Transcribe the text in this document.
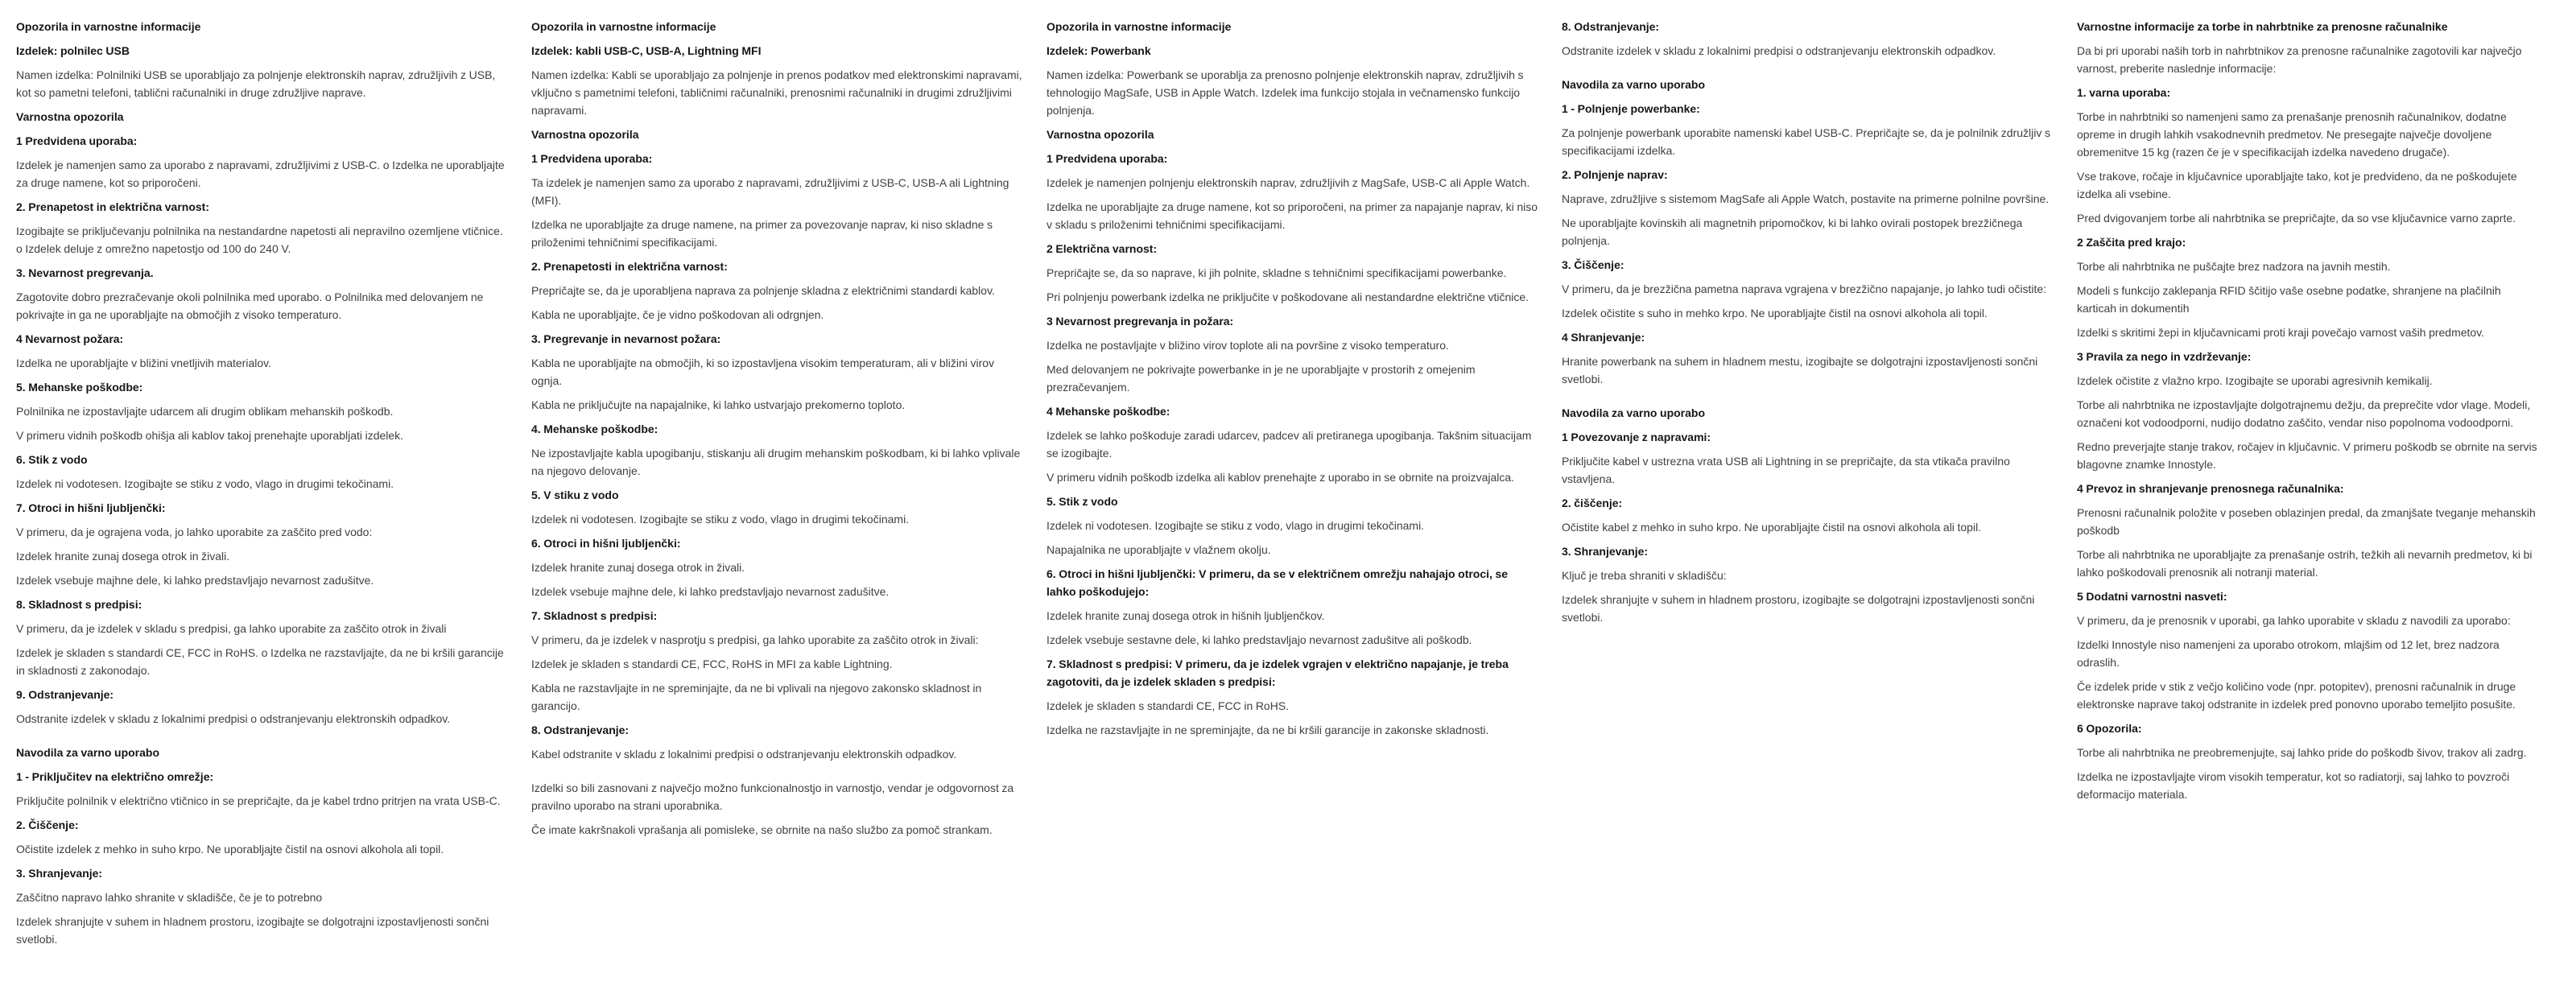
Opozorila in varnostne informacije

Izdelek: polnilec USB

Namen izdelka: Polnilniki USB se uporabljajo za polnjenje elektronskih naprav, združljivih z USB, kot so pametni telefoni, tablični računalniki in druge združljive naprave.

Varnostna opozorila

1 Predvidena uporaba:

Izdelek je namenjen samo za uporabo z napravami, združljivimi z USB-C. o Izdelka ne uporabljajte za druge namene, kot so priporočeni.

2. Prenapetost in električna varnost:

Izogibajte se priključevanju polnilnika na nestandardne napetosti ali nepravilno ozemljene vtičnice. o Izdelek deluje z omrežno napetostjo od 100 do 240 V.

3. Nevarnost pregrevanja.

Zagotovite dobro prezračevanje okoli polnilnika med uporabo. o Polnilnika med delovanjem ne pokrivajte in ga ne uporabljajte na območjih z visoko temperaturo.

4 Nevarnost požara:

Izdelka ne uporabljajte v bližini vnetljivih materialov.

5. Mehanske poškodbe:

Polnilnika ne izpostavljajte udarcem ali drugim oblikam mehanskih poškodb.

V primeru vidnih poškodb ohišja ali kablov takoj prenehajte uporabljati izdelek.

6. Stik z vodo

Izdelek ni vodotesen. Izogibajte se stiku z vodo, vlago in drugimi tekočinami.

7. Otroci in hišni ljubljenčki:

V primeru, da je ograjena voda, jo lahko uporabite za zaščito pred vodo:

Izdelek hranite zunaj dosega otrok in živali.

Izdelek vsebuje majhne dele, ki lahko predstavljajo nevarnost zadušitve.

8. Skladnost s predpisi:

V primeru, da je izdelek v skladu s predpisi, ga lahko uporabite za zaščito otrok in živali

Izdelek je skladen s standardi CE, FCC in RoHS. o Izdelka ne razstavljajte, da ne bi kršili garancije in skladnosti z zakonodajo.

9. Odstranjevanje:

Odstranite izdelek v skladu z lokalnimi predpisi o odstranjevanju elektronskih odpadkov.

Navodila za varno uporabo

1 - Priključitev na električno omrežje:

Priključite polnilnik v električno vtičnico in se prepričajte, da je kabel trdno pritrjen na vrata USB-C.

2. Čiščenje:

Očistite izdelek z mehko in suho krpo. Ne uporabljajte čistil na osnovi alkohola ali topil.

3. Shranjevanje:

Zaščitno napravo lahko shranite v skladišče, če je to potrebno

Izdelek shranjujte v suhem in hladnem prostoru, izogibajte se dolgotrajni izpostavljenosti sončni svetlobi.

Opozorila in varnostne informacije

Izdelek: kabli USB-C, USB-A, Lightning MFI

Namen izdelka: Kabli se uporabljajo za polnjenje in prenos podatkov med elektronskimi napravami, vključno s pametnimi telefoni, tabličnimi računalniki, prenosnimi računalniki in drugimi združljivimi napravami.

Varnostna opozorila

1 Predvidena uporaba:

Ta izdelek je namenjen samo za uporabo z napravami, združljivimi z USB-C, USB-A ali Lightning (MFI).

Izdelka ne uporabljajte za druge namene, na primer za povezovanje naprav, ki niso skladne s priloženimi tehničnimi specifikacijami.

2. Prenapetosti in električna varnost:

Prepričajte se, da je uporabljena naprava za polnjenje skladna z električnimi standardi kablov.

Kabla ne uporabljajte, če je vidno poškodovan ali odrgnjen.

3. Pregrevanje in nevarnost požara:

Kabla ne uporabljajte na območjih, ki so izpostavljena visokim temperaturam, ali v bližini virov ognja.

Kabla ne priključujte na napajalnike, ki lahko ustvarjajo prekomerno toploto.

4. Mehanske poškodbe:

Ne izpostavljajte kabla upogibanju, stiskanju ali drugim mehanskim poškodbam, ki bi lahko vplivale na njegovo delovanje.

5. V stiku z vodo

Izdelek ni vodotesen. Izogibajte se stiku z vodo, vlago in drugimi tekočinami.

6. Otroci in hišni ljubljenčki:

Izdelek hranite zunaj dosega otrok in živali.

Izdelek vsebuje majhne dele, ki lahko predstavljajo nevarnost zadušitve.

7. Skladnost s predpisi:

V primeru, da je izdelek v nasprotju s predpisi, ga lahko uporabite za zaščito otrok in živali:

Izdelek je skladen s standardi CE, FCC, RoHS in MFI za kable Lightning.

Kabla ne razstavljajte in ne spreminjajte, da ne bi vplivali na njegovo zakonsko skladnost in garancijo.

8. Odstranjevanje:

Kabel odstranite v skladu z lokalnimi predpisi o odstranjevanju elektronskih odpadkov.

Izdelki so bili zasnovani z največjo možno funkcionalnostjo in varnostjo, vendar je odgovornost za pravilno uporabo na strani uporabnika.

Če imate kakršnakoli vprašanja ali pomisleke, se obrnite na našo službo za pomoč strankam.

Opozorila in varnostne informacije

Izdelek: Powerbank

Namen izdelka: Powerbank se uporablja za prenosno polnjenje elektronskih naprav, združljivih s tehnologijo MagSafe, USB in Apple Watch. Izdelek ima funkcijo stojala in večnamensko funkcijo polnjenja.

Varnostna opozorila

1 Predvidena uporaba:

Izdelek je namenjen polnjenju elektronskih naprav, združljivih z MagSafe, USB-C ali Apple Watch.

Izdelka ne uporabljajte za druge namene, kot so priporočeni, na primer za napajanje naprav, ki niso v skladu s priloženimi tehničnimi specifikacijami.

2 Električna varnost:

Prepričajte se, da so naprave, ki jih polnite, skladne s tehničnimi specifikacijami powerbanke.

Pri polnjenju powerbank izdelka ne priključite v poškodovane ali nestandardne električne vtičnice.

3 Nevarnost pregrevanja in požara:

Izdelka ne postavljajte v bližino virov toplote ali na površine z visoko temperaturo.

Med delovanjem ne pokrivajte powerbanke in je ne uporabljajte v prostorih z omejenim prezračevanjem.

4 Mehanske poškodbe:

Izdelek se lahko poškoduje zaradi udarcev, padcev ali pretiranega upogibanja. Takšnim situacijam se izogibajte.

V primeru vidnih poškodb izdelka ali kablov prenehajte z uporabo in se obrnite na proizvajalca.

5. Stik z vodo

Izdelek ni vodotesen. Izogibajte se stiku z vodo, vlago in drugimi tekočinami.

Napajalnika ne uporabljajte v vlažnem okolju.

6. Otroci in hišni ljubljenčki: V primeru, da se v električnem omrežju nahajajo otroci, se lahko poškodujejo:

Izdelek hranite zunaj dosega otrok in hišnih ljubljenčkov.

Izdelek vsebuje sestavne dele, ki lahko predstavljajo nevarnost zadušitve ali poškodb.

7. Skladnost s predpisi: V primeru, da je izdelek vgrajen v električno napajanje, je treba zagotoviti, da je izdelek skladen s predpisi:

Izdelek je skladen s standardi CE, FCC in RoHS.

Izdelka ne razstavljajte in ne spreminjajte, da ne bi kršili garancije in zakonske skladnosti.

8. Odstranjevanje:

Odstranite izdelek v skladu z lokalnimi predpisi o odstranjevanju elektronskih odpadkov.

Navodila za varno uporabo

1 - Polnjenje powerbanke:

Za polnjenje powerbank uporabite namenski kabel USB-C. Prepričajte se, da je polnilnik združljiv s specifikacijami izdelka.

2. Polnjenje naprav:

Naprave, združljive s sistemom MagSafe ali Apple Watch, postavite na primerne polnilne površine.

Ne uporabljajte kovinskih ali magnetnih pripomočkov, ki bi lahko ovirali postopek brezžičnega polnjenja.

3. Čiščenje:

V primeru, da je brezžična pametna naprava vgrajena v brezžično napajanje, jo lahko tudi očistite:

Izdelek očistite s suho in mehko krpo. Ne uporabljajte čistil na osnovi alkohola ali topil.

4 Shranjevanje:

Hranite powerbank na suhem in hladnem mestu, izogibajte se dolgotrajni izpostavljenosti sončni svetlobi.

Navodila za varno uporabo

1 Povezovanje z napravami:

Priključite kabel v ustrezna vrata USB ali Lightning in se prepričajte, da sta vtikača pravilno vstavljena.

2. čiščenje:

Očistite kabel z mehko in suho krpo. Ne uporabljajte čistil na osnovi alkohola ali topil.

3. Shranjevanje:

Ključ je treba shraniti v skladišču:

Izdelek shranjujte v suhem in hladnem prostoru, izogibajte se dolgotrajni izpostavljenosti sončni svetlobi.

Varnostne informacije za torbe in nahrbtnike za prenosne računalnike

Da bi pri uporabi naših torb in nahrbtnikov za prenosne računalnike zagotovili kar največjo varnost, preberite naslednje informacije:

1. varna uporaba:

Torbe in nahrbtniki so namenjeni samo za prenašanje prenosnih računalnikov, dodatne opreme in drugih lahkih vsakodnevnih predmetov. Ne presegajte največje dovoljene obremenitve 15 kg (razen če je v specifikacijah izdelka navedeno drugače).

Vse trakove, ročaje in ključavnice uporabljajte tako, kot je predvideno, da ne poškodujete izdelka ali vsebine.

Pred dvigovanjem torbe ali nahrbtnika se prepričajte, da so vse ključavnice varno zaprte.

2 Zaščita pred krajo:

Torbe ali nahrbtnika ne puščajte brez nadzora na javnih mestih.

Modeli s funkcijo zaklepanja RFID ščitijo vaše osebne podatke, shranjene na plačilnih karticah in dokumentih

Izdelki s skritimi žepi in ključavnicami proti kraji povečajo varnost vaših predmetov.

3 Pravila za nego in vzdrževanje:

Izdelek očistite z vlažno krpo. Izogibajte se uporabi agresivnih kemikalij.

Torbe ali nahrbtnika ne izpostavljajte dolgotrajnemu dežju, da preprečite vdor vlage. Modeli, označeni kot vodoodporni, nudijo dodatno zaščito, vendar niso popolnoma vodoodporni.

Redno preverjajte stanje trakov, ročajev in ključavnic. V primeru poškodb se obrnite na servis blagovne znamke Innostyle.

4 Prevoz in shranjevanje prenosnega računalnika:

Prenosni računalnik položite v poseben oblazinjen predal, da zmanjšate tveganje mehanskih poškodb

Torbe ali nahrbtnika ne uporabljajte za prenašanje ostrih, težkih ali nevarnih predmetov, ki bi lahko poškodovali prenosnik ali notranji material.

5 Dodatni varnostni nasveti:

V primeru, da je prenosnik v uporabi, ga lahko uporabite v skladu z navodili za uporabo:

Izdelki Innostyle niso namenjeni za uporabo otrokom, mlajšim od 12 let, brez nadzora odraslih.

Če izdelek pride v stik z večjo količino vode (npr. potopitev), prenosni računalnik in druge elektronske naprave takoj odstranite in izdelek pred ponovno uporabo temeljito posušite.

6 Opozorila:

Torbe ali nahrbtnika ne preobremenjujte, saj lahko pride do poškodb šivov, trakov ali zadrg.

Izdelka ne izpostavljajte virom visokih temperatur, kot so radiatorji, saj lahko to povzroči deformacijo materiala.
